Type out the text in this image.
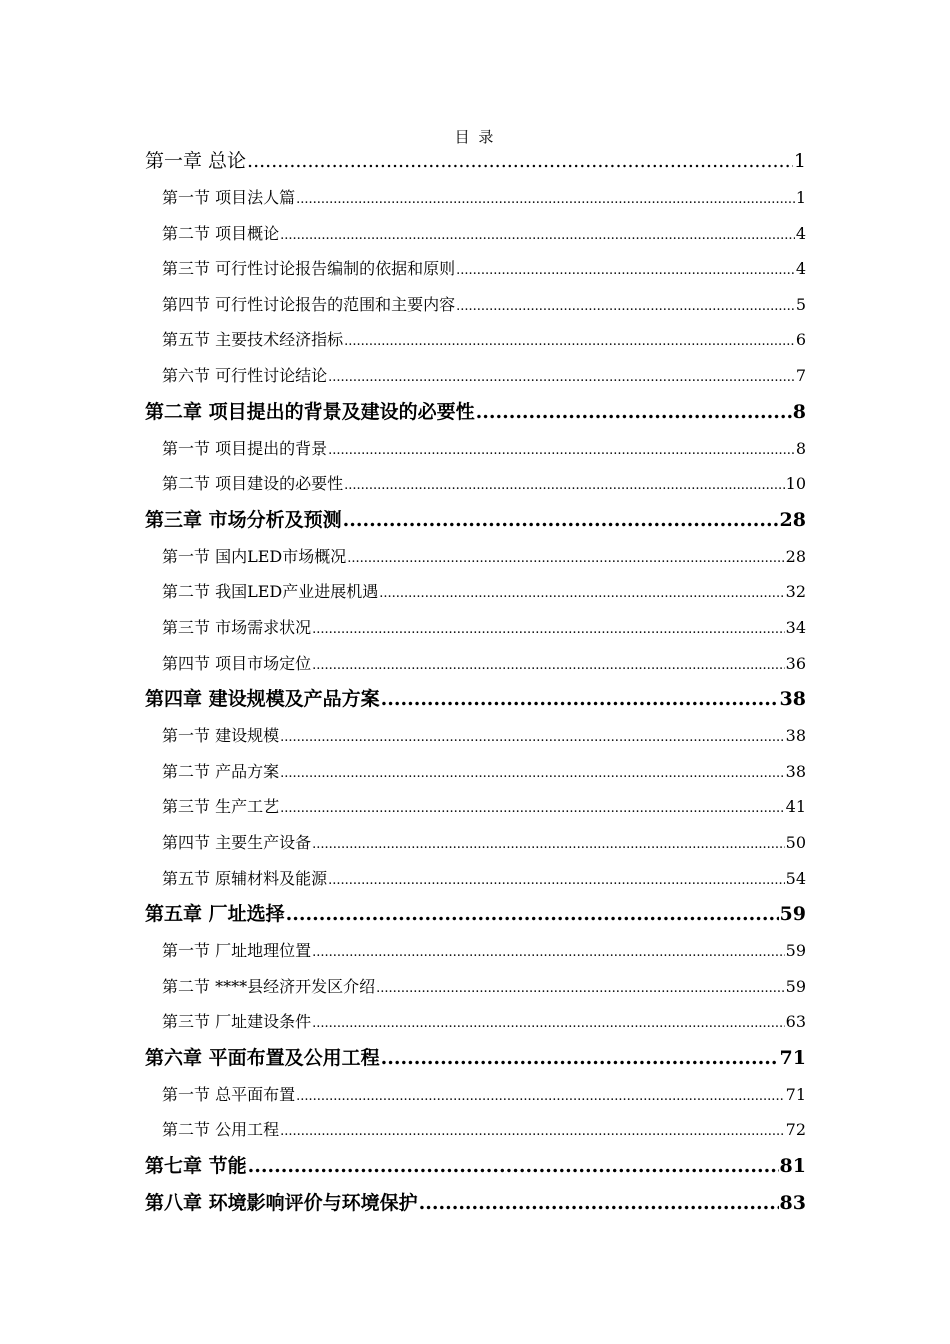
目 录
第一章 总论 .....	1
第一节 项目法人篇 .....	1
第二节 项目概论 .....	4
第三节 可行性讨论报告编制的依据和原则 .....	4
第四节 可行性讨论报告的范围和主要内容 .....	5
第五节 主要技术经济指标 .....	6
第六节 可行性讨论结论 .....	7
第二章 项目提出的背景及建设的必要性 .....	8
第一节 项目提出的背景 .....	8
第二节 项目建设的必要性 .....	10
第三章 市场分析及预测 .....	28
第一节 国内LED市场概况 .....	28
第二节 我国LED产业进展机遇 .....	32
第三节 市场需求状况 .....	34
第四节 项目市场定位 .....	36
第四章 建设规模及产品方案 .....	38
第一节 建设规模 .....	38
第二节 产品方案 .....	38
第三节 生产工艺 .....	41
第四节 主要生产设备 .....	50
第五节 原辅材料及能源 .....	54
第五章 厂址选择 .....	59
第一节 厂址地理位置 .....	59
第二节 ****县经济开发区介绍 .....	59
第三节 厂址建设条件 .....	63
第六章 平面布置及公用工程 .....	71
第一节 总平面布置 .....	71
第二节 公用工程 .....	72
第七章 节能 .....	81
第八章 环境影响评价与环境保护 .....	83
